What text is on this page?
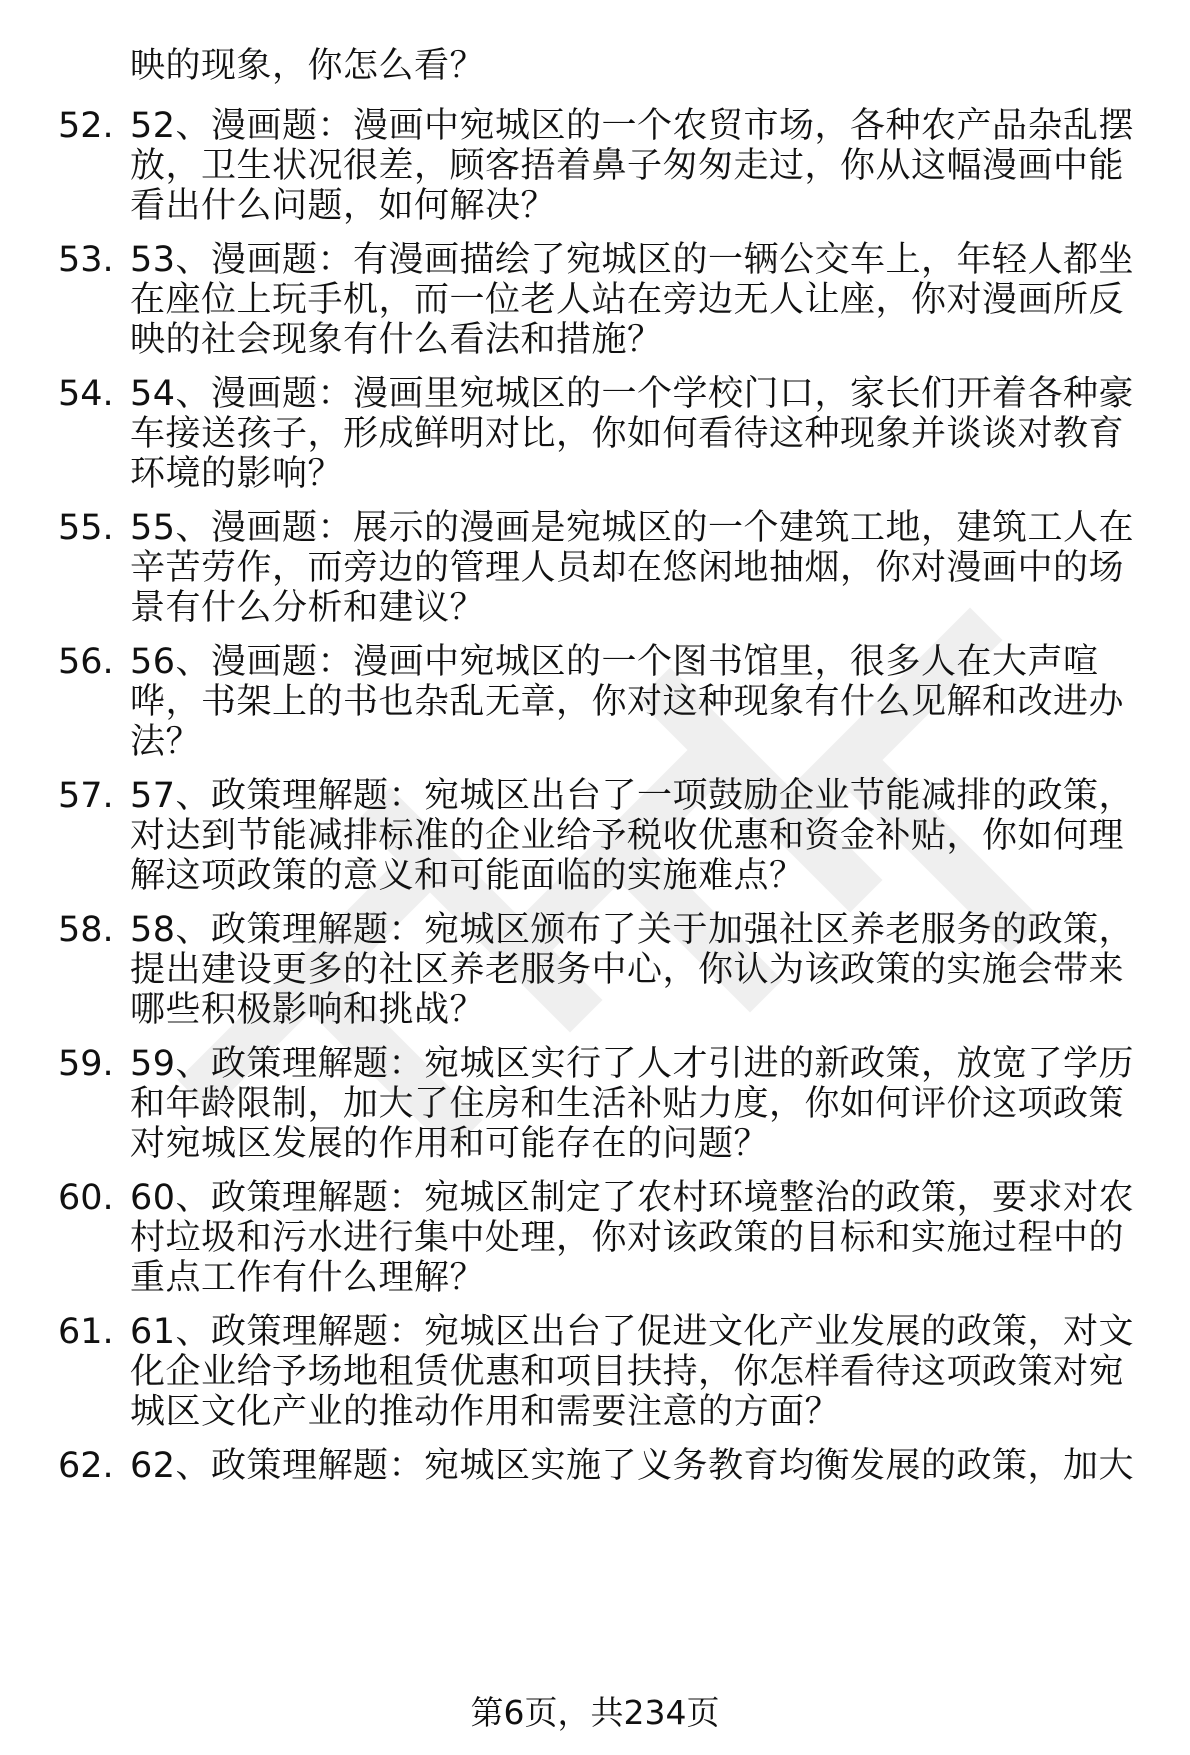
映的现象，你怎么看？
52. 52、漫画题：漫画中宛城区的一个农贸市场，各种农产品杂乱摆
放，卫生状况很差，顾客捂着鼻子匆匆走过，你从这幅漫画中能
看出什么问题，如何解决？
53. 53、漫画题：有漫画描绘了宛城区的一辆公交车上，年轻人都坐
在座位上玩手机，而一位老人站在旁边无人让座，你对漫画所反
映的社会现象有什么看法和措施？
54. 54、漫画题：漫画里宛城区的一个学校门口，家长们开着各种豪
车接送孩子，形成鲜明对比，你如何看待这种现象并谈谈对教育
环境的影响？
55. 55、漫画题：展示的漫画是宛城区的一个建筑工地，建筑工人在
辛苦劳作，而旁边的管理人员却在悠闲地抽烟，你对漫画中的场
景有什么分析和建议？
56. 56、漫画题：漫画中宛城区的一个图书馆里，很多人在大声喧
哗，书架上的书也杂乱无章，你对这种现象有什么见解和改进办
法？
57. 57、政策理解题：宛城区出台了一项鼓励企业节能减排的政策，
对达到节能减排标准的企业给予税收优惠和资金补贴，你如何理
解这项政策的意义和可能面临的实施难点？
58. 58、政策理解题：宛城区颁布了关于加强社区养老服务的政策，
提出建设更多的社区养老服务中心，你认为该政策的实施会带来
哪些积极影响和挑战？
59. 59、政策理解题：宛城区实行了人才引进的新政策，放宽了学历
和年龄限制，加大了住房和生活补贴力度，你如何评价这项政策
对宛城区发展的作用和可能存在的问题？
60. 60、政策理解题：宛城区制定了农村环境整治的政策，要求对农
村垃圾和污水进行集中处理，你对该政策的目标和实施过程中的
重点工作有什么理解？
61. 61、政策理解题：宛城区出台了促进文化产业发展的政策，对文
化企业给予场地租赁优惠和项目扶持，你怎样看待这项政策对宛
城区文化产业的推动作用和需要注意的方面？
62. 62、政策理解题：宛城区实施了义务教育均衡发展的政策，加大
第6页，共234页
